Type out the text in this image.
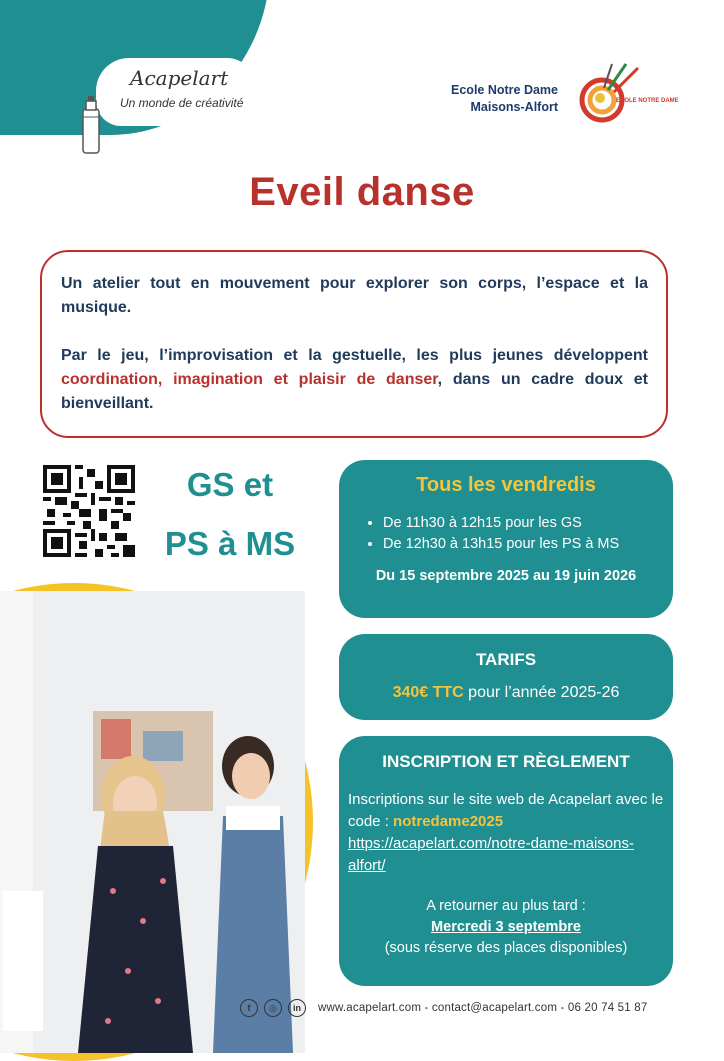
Acapelart
Un monde de créativité
Ecole Notre Dame
Maisons-Alfort	ECOLE NOTRE DAME
Eveil danse

Un atelier tout en mouvement pour explorer son corps, l’espace et la musique.

Par le jeu, l’improvisation et la gestuelle, les plus jeunes développent coordination, imagination et plaisir de danser, dans un cadre doux et bienveillant.

GS et
PS à MS
Tous les vendredis
• De 11h30 à 12h15 pour les GS
• De 12h30 à 13h15 pour les PS à MS
Du 15 septembre 2025 au 19 juin 2026
TARIFS
340€ TTC pour l’année 2025-26
INSCRIPTION ET RÈGLEMENT
Inscriptions sur le site web de Acapelart avec le code : notredame2025
https://acapelart.com/notre-dame-maisons-alfort/
A retourner au plus tard :
Mercredi 3 septembre
(sous réserve des places disponibles)
f	◎	in	www.acapelart.com - contact@acapelart.com - 06 20 74 51 87
